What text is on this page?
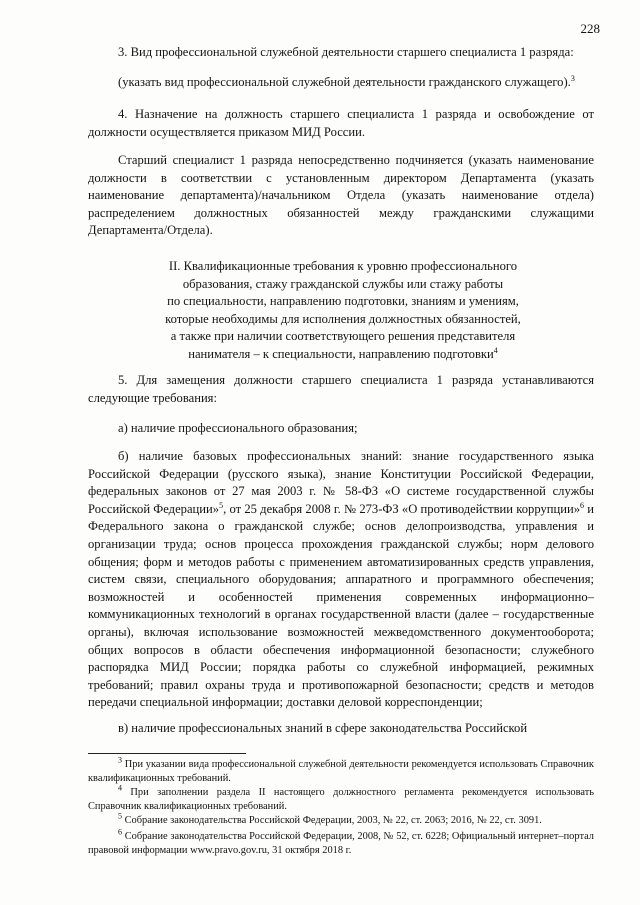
228

3. Вид профессиональной служебной деятельности старшего специалиста 1 разряда:

(указать вид профессиональной служебной деятельности гражданского служащего).$^3$

4. Назначение на должность старшего специалиста 1 разряда и освобождение от должности осуществляется приказом МИД России.

Старший специалист 1 разряда непосредственно подчиняется (указать наименование должности в соответствии с установленным директором Департамента (указать наименование департамента)/начальником Отдела (указать наименование отдела) распределением должностных обязанностей между гражданскими служащими Департамента/Отдела).

II. Квалификационные требования к уровню профессионального
образования, стажу гражданской службы или стажу работы
по специальности, направлению подготовки, знаниям и умениям,
которые необходимы для исполнения должностных обязанностей,
а также при наличии соответствующего решения представителя
нанимателя – к специальности, направлению подготовки$^4$

5. Для замещения должности старшего специалиста 1 разряда устанавливаются следующие требования:

а) наличие профессионального образования;

б) наличие базовых профессиональных знаний: знание государственного языка Российской Федерации (русского языка), знание Конституции Российской Федерации, федеральных законов от 27 мая 2003 г. № 58-ФЗ «О системе государственной службы Российской Федерации»$^5$, от 25 декабря 2008 г. № 273-ФЗ «О противодействии коррупции»$^6$ и Федерального закона о гражданской службе; основ делопроизводства, управления и организации труда; основ процесса прохождения гражданской службы; норм делового общения; форм и методов работы с применением автоматизированных средств управления, систем связи, специального оборудования; аппаратного и программного обеспечения; возможностей и особенностей применения современных информационно–коммуникационных технологий в органах государственной власти (далее – государственные органы), включая использование возможностей межведомственного документооборота; общих вопросов в области обеспечения информационной безопасности; служебного распорядка МИД России; порядка работы со служебной информацией, режимных требований; правил охраны труда и противопожарной безопасности; средств и методов передачи специальной информации; доставки деловой корреспонденции;

в) наличие профессиональных знаний в сфере законодательства Российской

$^3$ При указании вида профессиональной служебной деятельности рекомендуется использовать Справочник квалификационных требований.

$^4$ При заполнении раздела II настоящего должностного регламента рекомендуется использовать Справочник квалификационных требований.

$^5$ Собрание законодательства Российской Федерации, 2003, № 22, ст. 2063; 2016, № 22, ст. 3091.

$^6$ Собрание законодательства Российской Федерации, 2008, № 52, ст. 6228; Официальный интернет–портал правовой информации www.pravo.gov.ru, 31 октября 2018 г.
